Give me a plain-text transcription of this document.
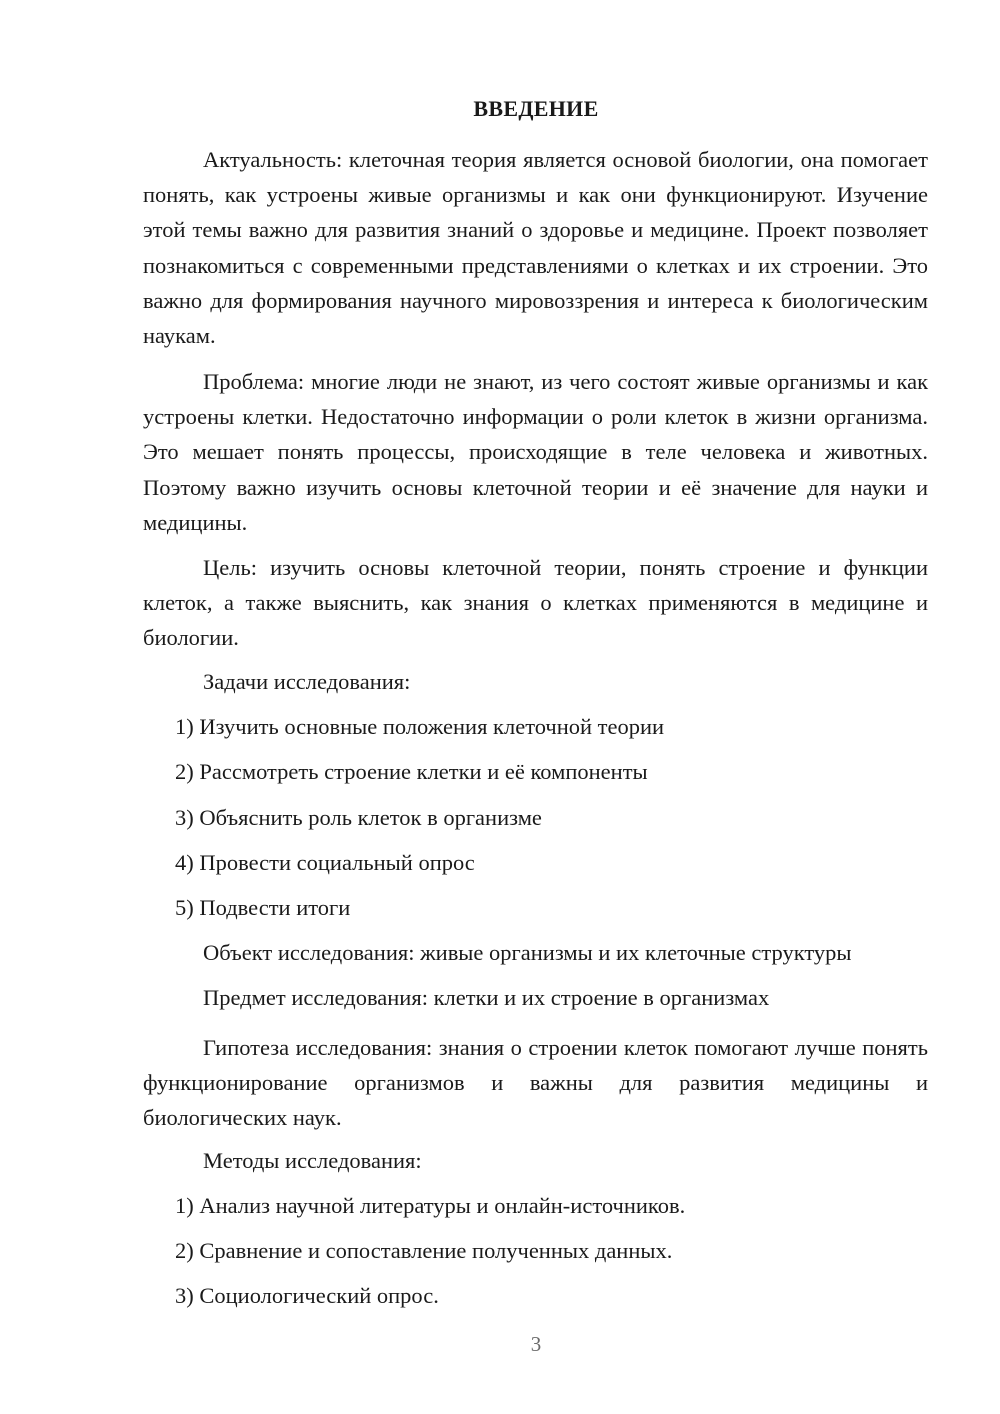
ВВЕДЕНИЕ

Актуальность: клеточная теория является основой биологии, она помогает понять, как устроены живые организмы и как они функционируют. Изучение этой темы важно для развития знаний о здоровье и медицине. Проект позволяет познакомиться с современными представлениями о клетках и их строении. Это важно для формирования научного мировоззрения и интереса к биологическим наукам.

Проблема: многие люди не знают, из чего состоят живые организмы и как устроены клетки. Недостаточно информации о роли клеток в жизни организма. Это мешает понять процессы, происходящие в теле человека и животных. Поэтому важно изучить основы клеточной теории и её значение для науки и медицины.

Цель: изучить основы клеточной теории, понять строение и функции клеток, а также выяснить, как знания о клетках применяются в медицине и биологии.

Задачи исследования:
1) Изучить основные положения клеточной теории
2) Рассмотреть строение клетки и её компоненты
3) Объяснить роль клеток в организме
4) Провести социальный опрос
5) Подвести итоги
Объект исследования: живые организмы и их клеточные структуры
Предмет исследования: клетки и их строение в организмах

Гипотеза исследования: знания о строении клеток помогают лучше понять функционирование организмов и важны для развития медицины и биологических наук.

Методы исследования:
1) Анализ научной литературы и онлайн-источников.
2) Сравнение и сопоставление полученных данных.
3) Социологический опрос.
3
